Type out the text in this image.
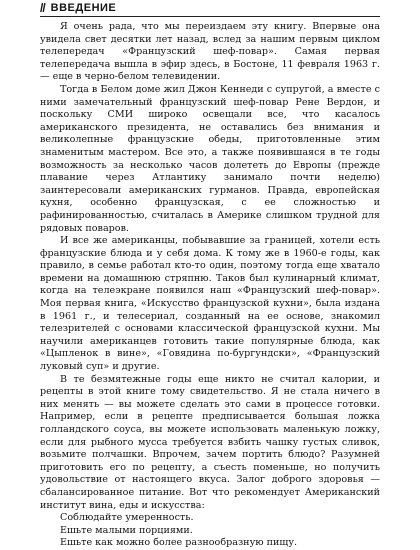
// ВВЕДЕНИЕ

Я очень рада, что мы переиздаем эту книгу. Впервые она увидела свет десятки лет назад, вслед за нашим первым циклом телепередач «Французский шеф-повар». Самая первая телепередача вышла в эфир здесь, в Бостоне, 11 февраля 1963 г. — еще в черно-белом телевидении.

Тогда в Белом доме жил Джон Кеннеди с супругой, а вместе с ними замечательный французский шеф-повар Рене Вердон, и поскольку СМИ широко освещали все, что касалось американского президента, не оставались без внимания и великолепные французские обеды, приготовленные этим знаменитым мастером. Все это, а также появившаяся в те годы возможность за несколько часов долететь до Европы (прежде плавание через Атлантику занимало почти неделю) заинтересовали американских гурманов. Правда, европейская кухня, особенно французская, с ее сложностью и рафинированностью, считалась в Америке слишком трудной для рядовых поваров.

И все же американцы, побывавшие за границей, хотели есть французские блюда и у себя дома. К тому же в 1960-е годы, как правило, в семье работал кто-то один, поэтому тогда еще хватало времени на домашнюю стряпню. Таков был кулинарный климат, когда на телеэкране появился наш «Французский шеф-повар». Моя первая книга, «Искусство французской кухни», была издана в 1961 г., и телесериал, созданный на ее основе, знакомил телезрителей с основами классической французской кухни. Мы научили американцев готовить такие популярные блюда, как «Цыпленок в вине», «Говядина по-бургундски», «Французский луковый суп» и другие.

В те безмятежные годы еще никто не считал калории, и рецепты в этой книге тому свидетельство. Я не стала ничего в них менять — вы можете сделать это сами в процессе готовки. Например, если в рецепте предписывается большая ложка голландского соуса, вы можете использовать маленькую ложку, если для рыбного мусса требуется взбить чашку густых сливок, возьмите полчашки. Впрочем, зачем портить блюдо? Разумней приготовить его по рецепту, а съесть поменьше, но получить удовольствие от настоящего вкуса. Залог доброго здоровья — сбалансированное питание. Вот что рекомендует Американский институт вина, еды и искусства:

Соблюдайте умеренность.

Ешьте малыми порциями.

Ешьте как можно более разнообразную пищу.
